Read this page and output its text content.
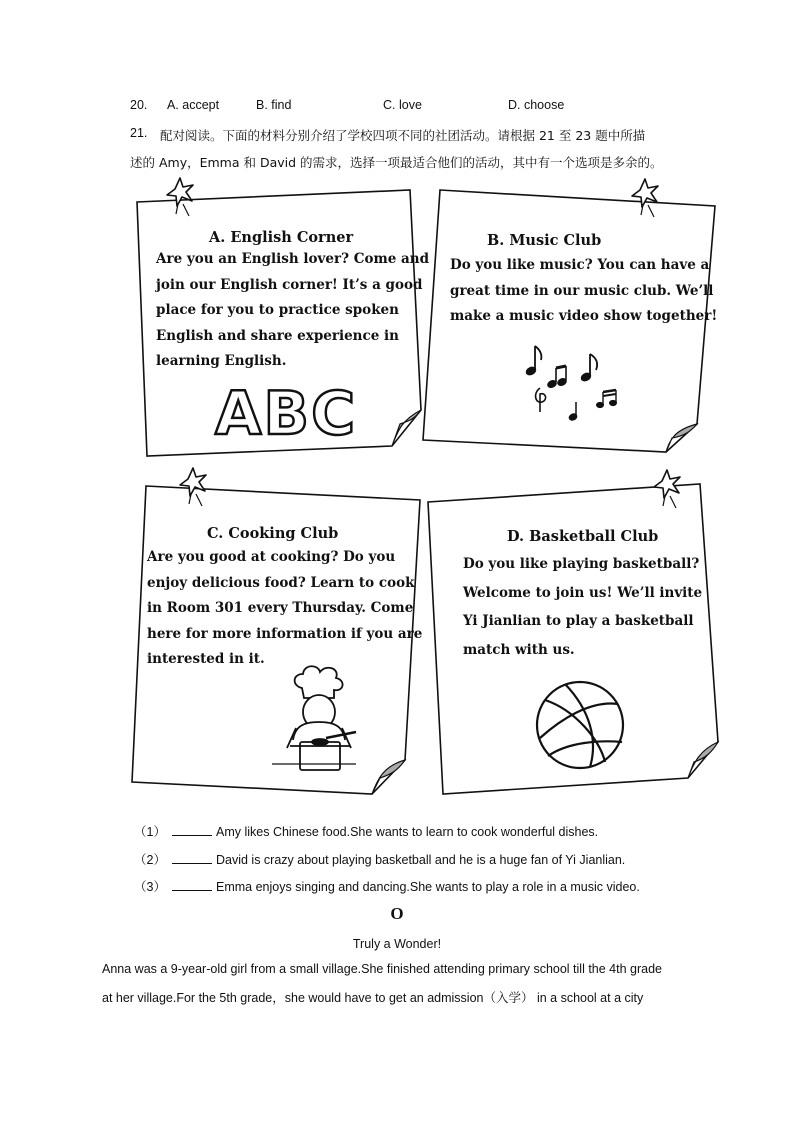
20. A. accept	B. find	C. love	D. choose
21. 配对阅读。下面的材料分别介绍了学校四项不同的社团活动。请根据 21 至 23 题中所描
述的 Amy，Emma 和 David 的需求，选择一项最适合他们的活动，其中有一个选项是多余的。
ABC
A. English Corner
Are you an English lover? Come and
join our English corner! It’s a good
place for you to practice spoken
English and share experience in
learning English.
B. Music Club
Do you like music? You can have a
great time in our music club. We’ll
make a music video show together!
C. Cooking Club
Are you good at cooking? Do you
enjoy delicious food? Learn to cook
in Room 301 every Thursday. Come
here for more information if you are
interested in it.
D. Basketball Club
Do you like playing basketball?
Welcome to join us! We’ll invite
Yi Jianlian to play a basketball
match with us.
（1）	Amy likes Chinese food.She wants to learn to cook wonderful dishes.
（2）	David is crazy about playing basketball and he is a huge fan of Yi Jianlian.
（3）	Emma enjoys singing and dancing.She wants to play a role in a music video.
O
Truly a Wonder!
Anna was a 9-year-old girl from a small village.She finished attending primary school till the 4th grade
at her village.For the 5th grade，she would have to get an admission（入学） in a school at a city
